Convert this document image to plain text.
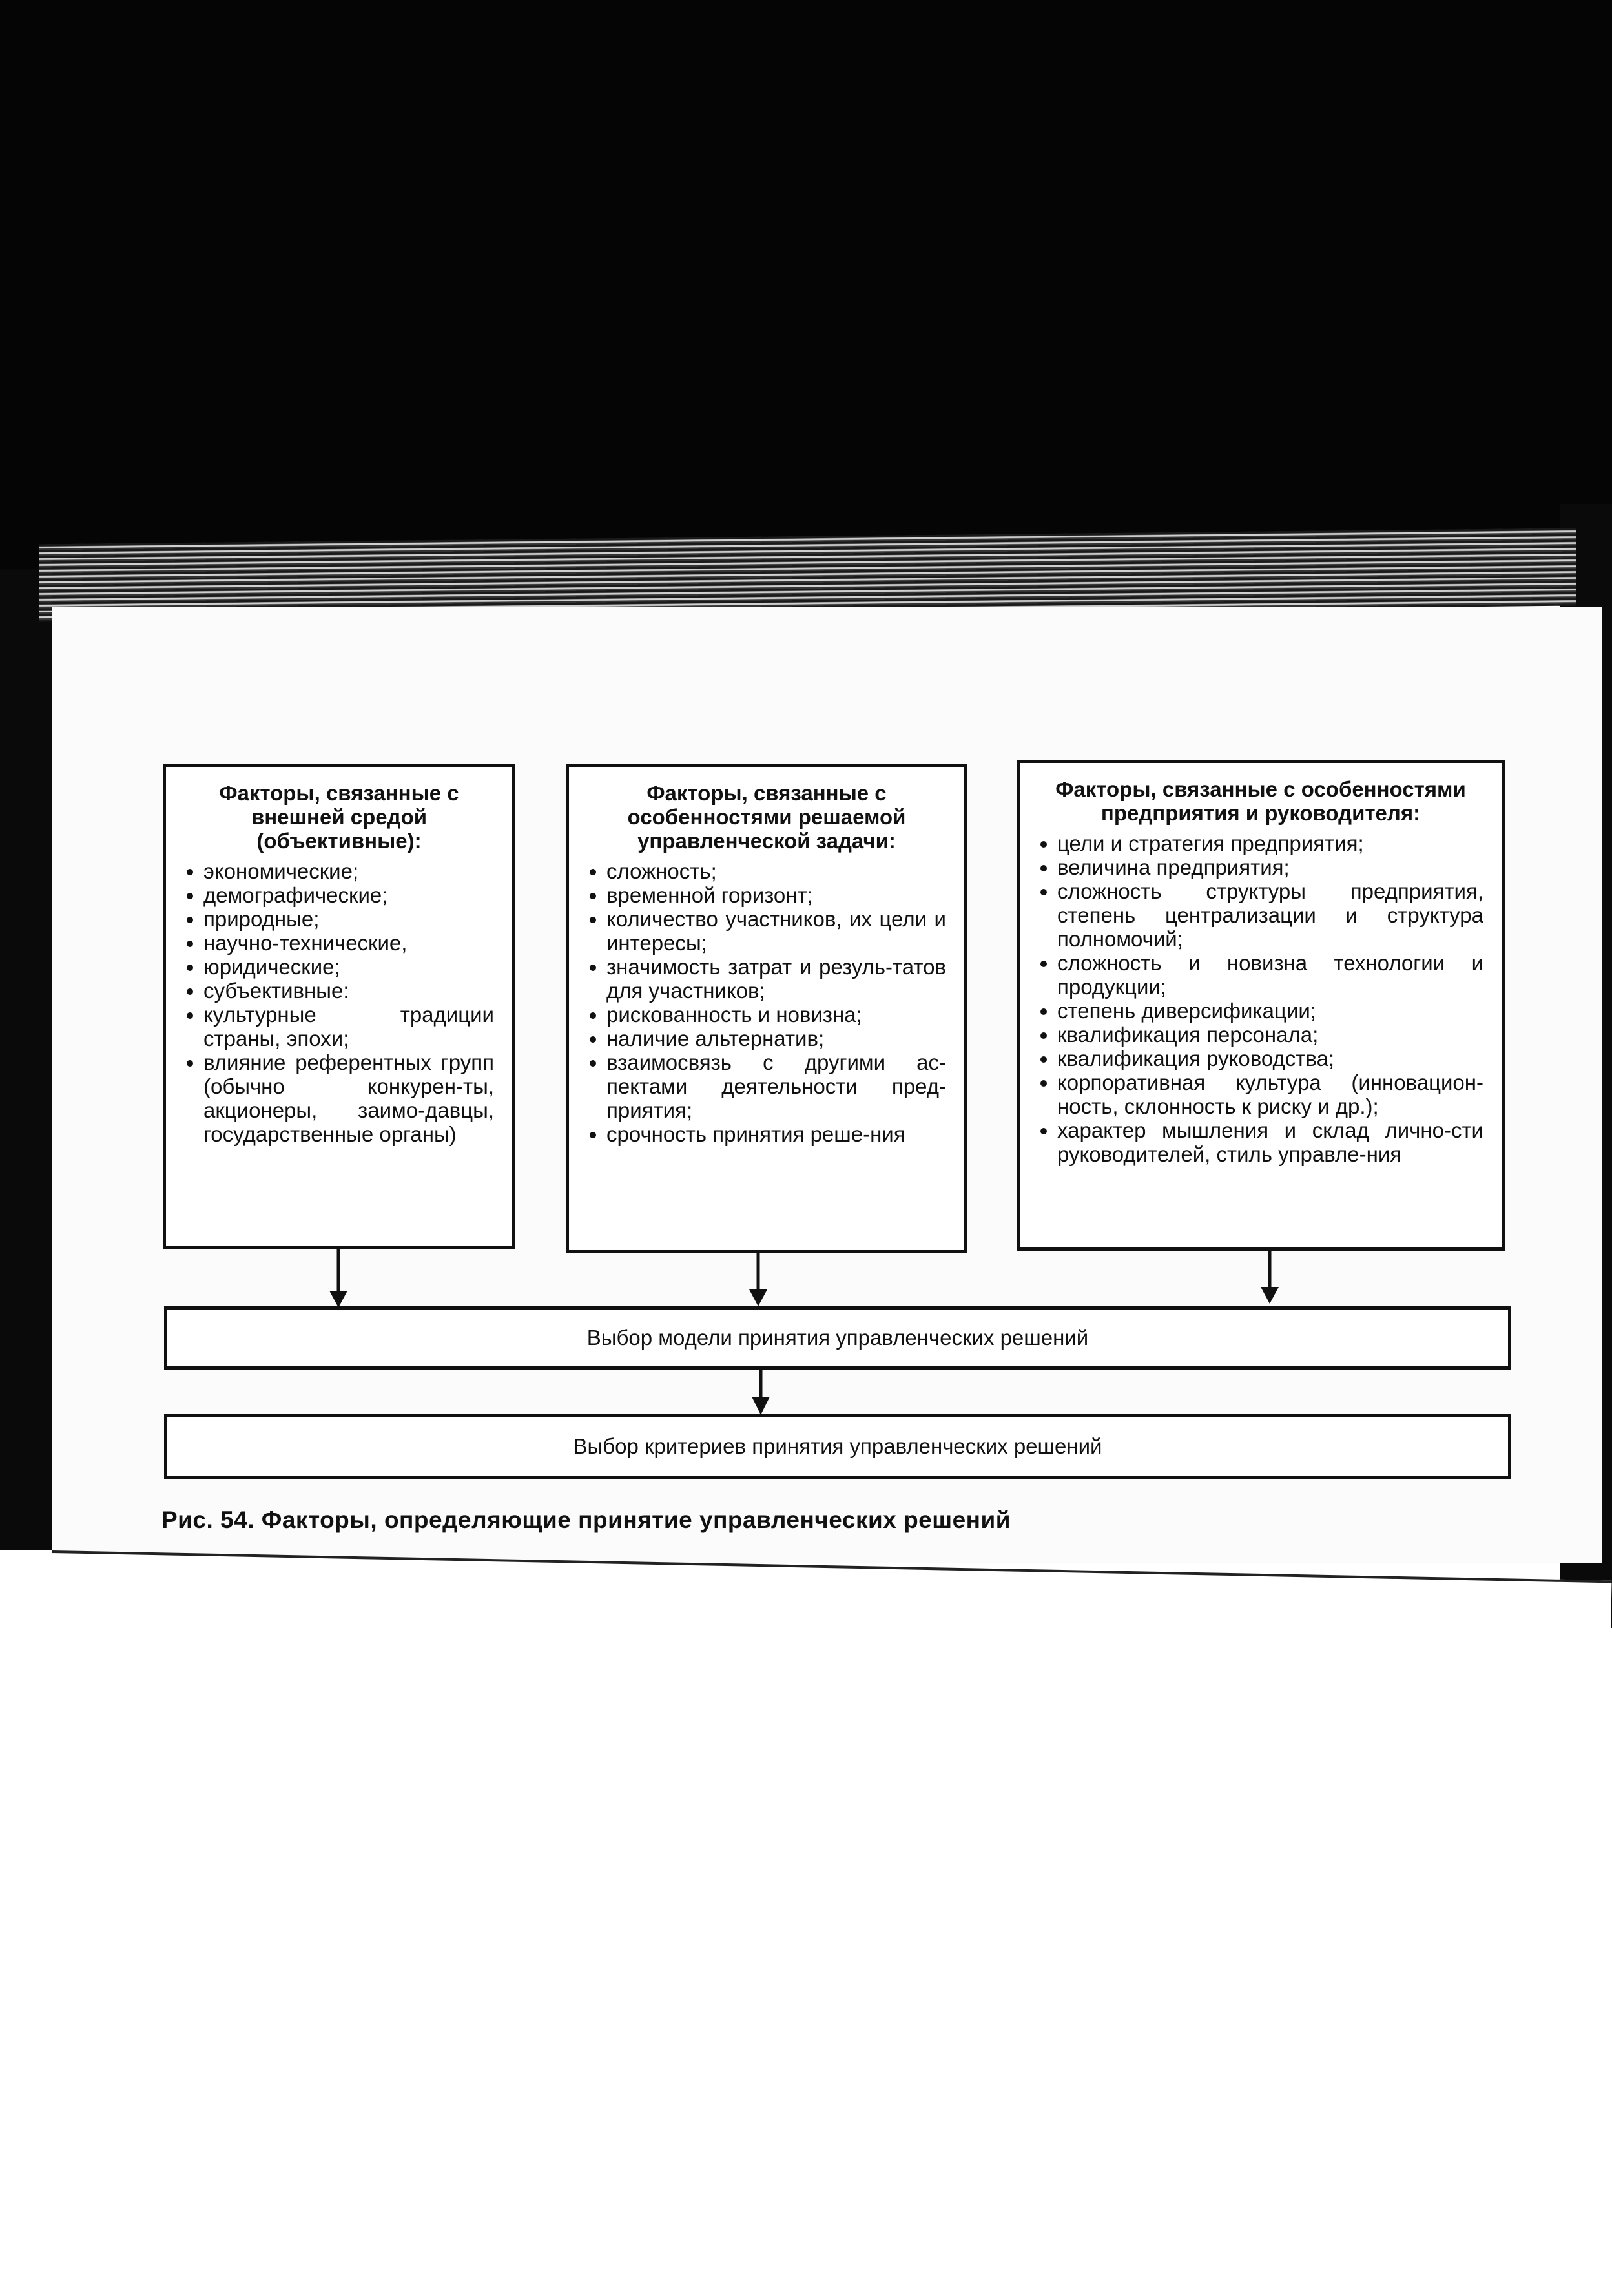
Факторы, связанные с внешней средой (объективные):
экономические;
демографические;
природные;
научно-технические,
юридические;
субъективные:
культурные традиции страны, эпохи;
влияние референтных групп (обычно конкурен-ты, акционеры, заимо-давцы, государственные органы)
Факторы, связанные с особенностями решаемой управленческой задачи:
сложность;
временной горизонт;
количество участников, их цели и интересы;
значимость затрат и резуль-татов для участников;
рискованность и новизна;
наличие альтернатив;
взаимосвязь с другими ас-пектами деятельности пред-приятия;
срочность принятия реше-ния
Факторы, связанные с особенностями предприятия и руководителя:
цели и стратегия предприятия;
величина предприятия;
сложность структуры предприятия, степень централизации и структура полномочий;
сложность и новизна технологии и продукции;
степень диверсификации;
квалификация персонала;
квалификация руководства;
корпоративная культура (инновацион-ность, склонность к риску и др.);
характер мышления и склад лично-сти руководителей, стиль управле-ния
Выбор модели принятия управленческих решений
Выбор критериев принятия управленческих решений
Рис. 54. Факторы, определяющие принятие управленческих решений
